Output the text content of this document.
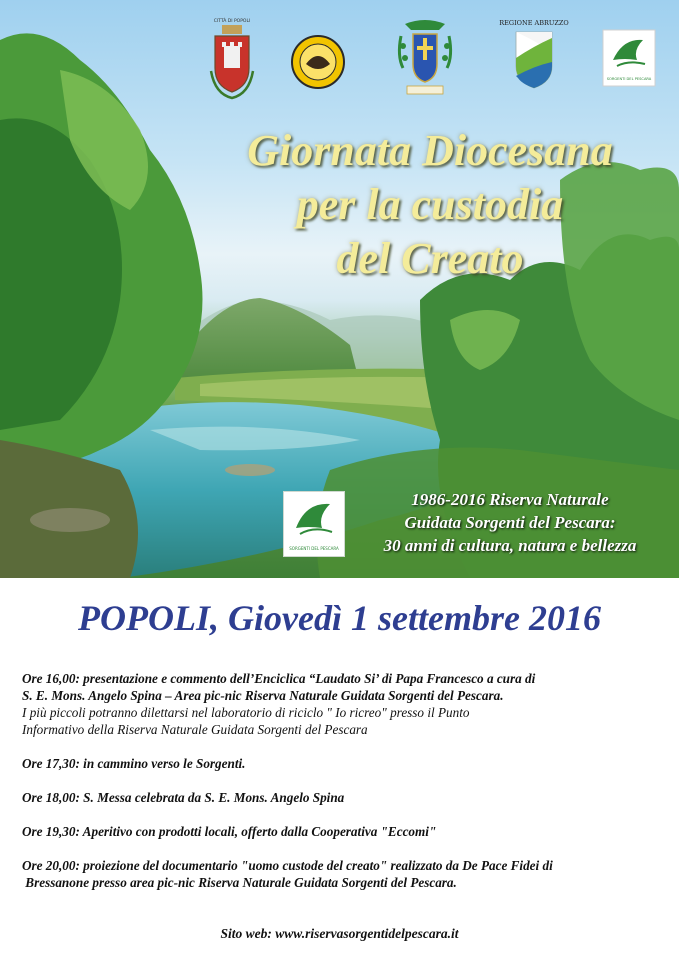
CITTÀ DI POPOLI	REGIONE ABRUZZO
SORGENTI DEL PESCARA
Giornata Diocesana
per la custodia
del Creato
SORGENTI DEL PESCARA
1986-2016 Riserva Naturale
Guidata Sorgenti del Pescara:
30 anni di cultura, natura e bellezza
POPOLI, Giovedì 1 settembre 2016

Ore 16,00: presentazione e commento dell’Enciclica “Laudato Si’ di Papa Francesco a cura di
S. E. Mons. Angelo Spina – Area pic-nic Riserva Naturale Guidata Sorgenti del Pescara.
I più piccoli potranno dilettarsi nel laboratorio di riciclo " Io ricreo" presso il Punto
Informativo della Riserva Naturale Guidata Sorgenti del Pescara

Ore 17,30: in cammino verso le Sorgenti.

Ore 18,00: S. Messa celebrata da S. E. Mons. Angelo Spina

Ore 19,30: Aperitivo con prodotti locali, offerto dalla Cooperativa "Eccomi"

Ore 20,00: proiezione del documentario "uomo custode del creato" realizzato da De Pace Fidei di
Bressanone presso area pic-nic Riserva Naturale Guidata Sorgenti del Pescara.

Sito web: www.riservasorgentidelpescara.it
